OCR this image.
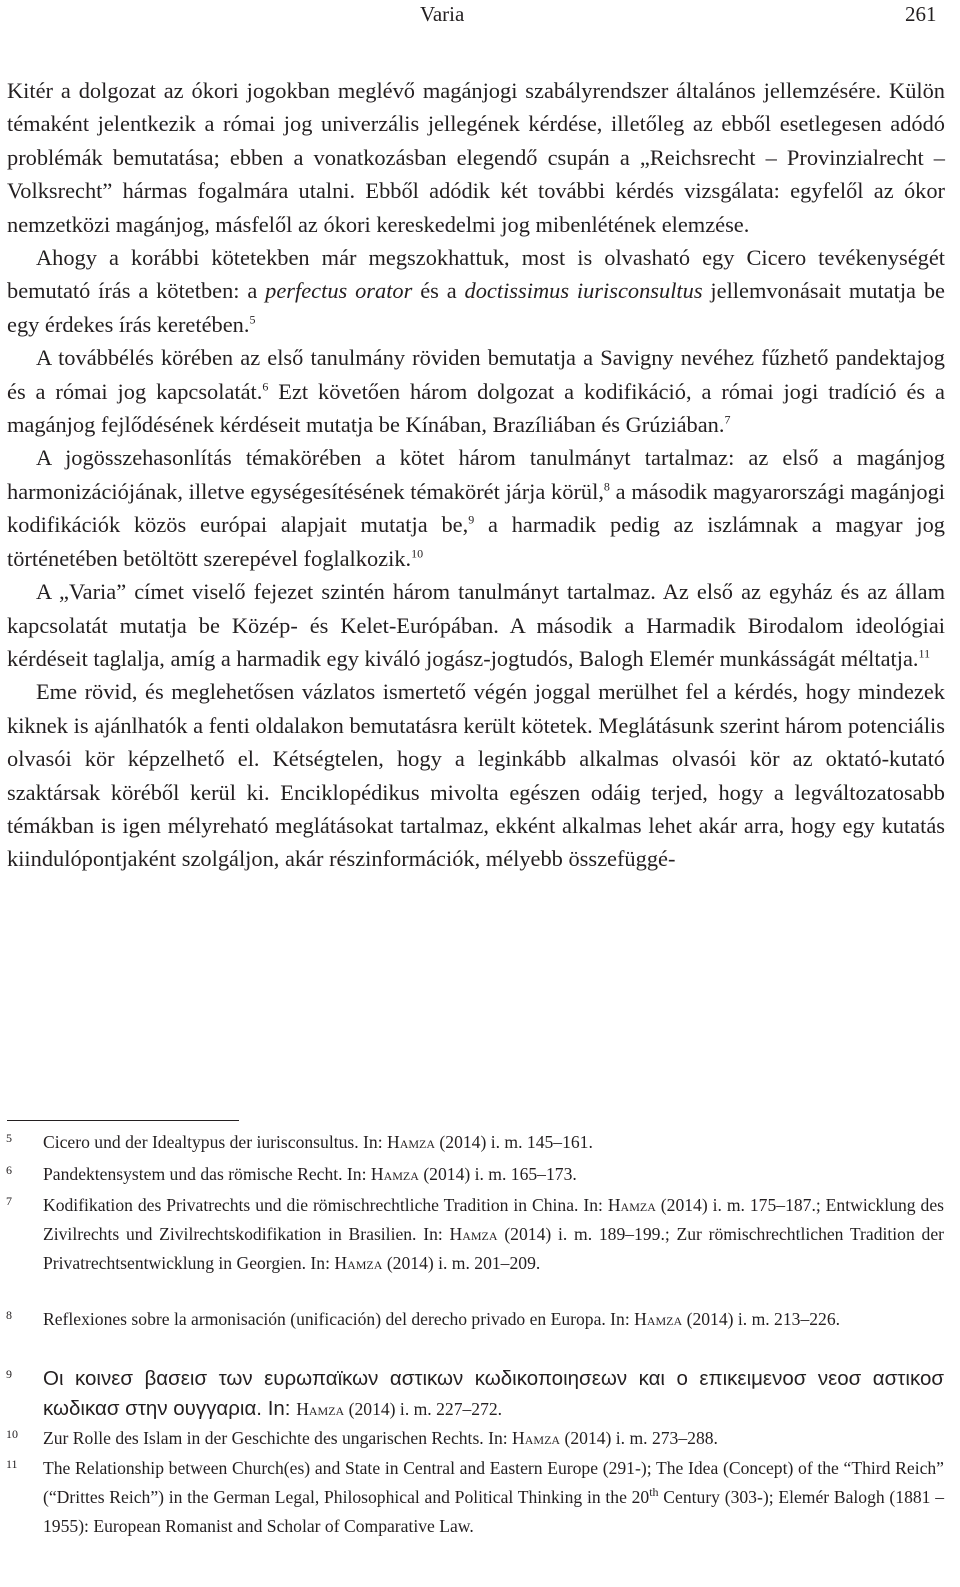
Varia	261

Kitér a dolgozat az ókori jogokban meglévő magánjogi szabályrendszer általános jellemzésére. Külön témaként jelentkezik a római jog univerzális jellegének kérdése, illetőleg az ebből esetlegesen adódó problémák bemutatása; ebben a vonatkozásban elegendő csupán a „Reichsrecht – Provinzialrecht – Volksrecht” hármas fogalmára utalni. Ebből adódik két további kérdés vizsgálata: egyfelől az ókor nemzetközi magánjog, másfelől az ókori kereskedelmi jog mibenlétének elemzése.

Ahogy a korábbi kötetekben már megszokhattuk, most is olvasható egy Cicero tevékenységét bemutató írás a kötetben: a perfectus orator és a doctissimus iurisconsultus jellemvonásait mutatja be egy érdekes írás keretében.$^5$

A továbbélés körében az első tanulmány röviden bemutatja a Savigny nevéhez fűzhető pandektajog és a római jog kapcsolatát.$^6$ Ezt követően három dolgozat a kodifikáció, a római jogi tradíció és a magánjog fejlődésének kérdéseit mutatja be Kínában, Brazíliában és Grúziában.$^7$

A jogösszehasonlítás témakörében a kötet három tanulmányt tartalmaz: az első a magánjog harmonizációjának, illetve egységesítésének témakörét járja körül,$^8$ a második magyarországi magánjogi kodifikációk közös európai alapjait mutatja be,$^9$ a harmadik pedig az iszlámnak a magyar jog történetében betöltött szerepével foglalkozik.$^{10}$

A „Varia” címet viselő fejezet szintén három tanulmányt tartalmaz. Az első az egyház és az állam kapcsolatát mutatja be Közép- és Kelet-Európában. A második a Harmadik Birodalom ideológiai kérdéseit taglalja, amíg a harmadik egy kiváló jogász-jogtudós, Balogh Elemér munkásságát méltatja.$^{11}$

Eme rövid, és meglehetősen vázlatos ismertető végén joggal merülhet fel a kérdés, hogy mindezek kiknek is ajánlhatók a fenti oldalakon bemutatásra került kötetek. Meglátásunk szerint három potenciális olvasói kör képzelhető el. Kétségtelen, hogy a leginkább alkalmas olvasói kör az oktató-kutató szaktársak köréből kerül ki. Enciklopédikus mivolta egészen odáig terjed, hogy a legváltozatosabb témákban is igen mélyreható meglátásokat tartalmaz, ekként alkalmas lehet akár arra, hogy egy kutatás kiindulópontjaként szolgáljon, akár részinformációk, mélyebb összefüggé-

5 Cicero und der Idealtypus der iurisconsultus. In: Hamza (2014) i. m. 145–161.
6 Pandektensystem und das römische Recht. In: Hamza (2014) i. m. 165–173.
7 Kodifikation des Privatrechts und die römischrechtliche Tradition in China. In: Hamza (2014) i. m. 175–187.; Entwicklung des Zivilrechts und Zivilrechtskodifikation in Brasilien. In: Hamza (2014) i. m. 189–199.; Zur römischrechtlichen Tradition der Privatrechtsentwicklung in Georgien. In: Hamza (2014) i. m. 201–209.
8 Reflexiones sobre la armonisación (unificación) del derecho privado en Europa. In: Hamza (2014) i. m. 213–226.
9 Οι κοινεσ βασεισ των ευρωπαϊκων αστικων κωδικοποιησεων και ο επικειμενοσ νεοσ αστικοσ κωδικασ στην ουγγαρια. In: Hamza (2014) i. m. 227–272.
10 Zur Rolle des Islam in der Geschichte des ungarischen Rechts. In: Hamza (2014) i. m. 273–288.
11 The Relationship between Church(es) and State in Central and Eastern Europe (291-); The Idea (Concept) of the “Third Reich” (“Drittes Reich”) in the German Legal, Philosophical and Political Thinking in the 20th Century (303-); Elemér Balogh (1881 – 1955): European Romanist and Scholar of Comparative Law.
